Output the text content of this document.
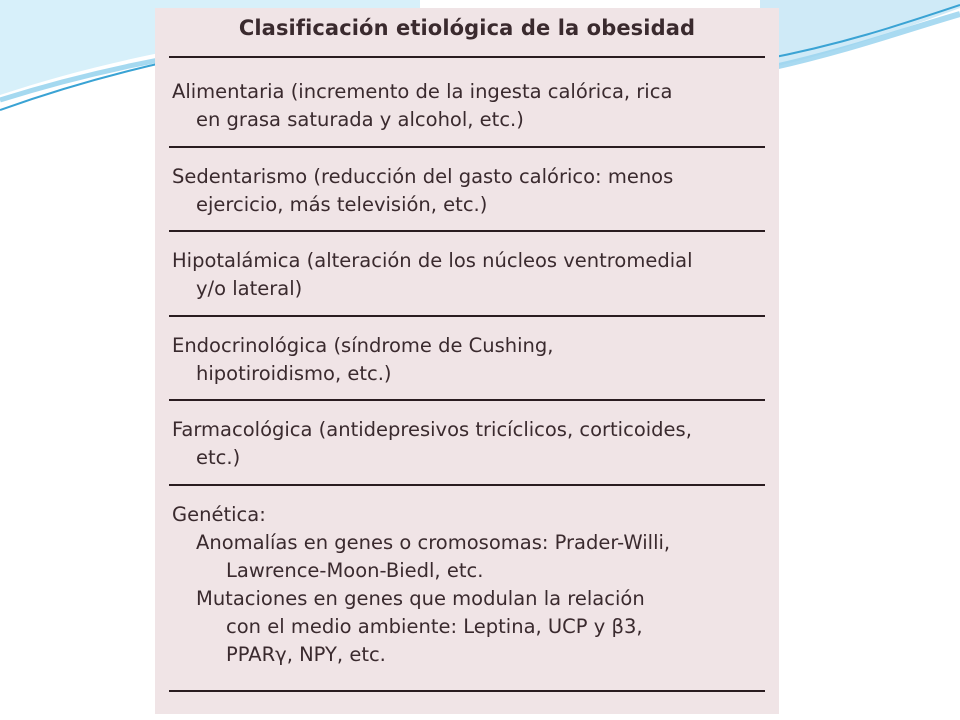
Clasificación etiológica de la obesidad
Alimentaria (incremento de la ingesta calórica, rica
en grasa saturada y alcohol, etc.)
Sedentarismo (reducción del gasto calórico: menos
ejercicio, más televisión, etc.)
Hipotalámica (alteración de los núcleos ventromedial
y/o lateral)
Endocrinológica (síndrome de Cushing,
hipotiroidismo, etc.)
Farmacológica (antidepresivos tricíclicos, corticoides,
etc.)
Genética:
Anomalías en genes o cromosomas: Prader-Willi,
Lawrence-Moon-Biedl, etc.
Mutaciones en genes que modulan la relación
con el medio ambiente: Leptina, UCP y β3,
PPARγ, NPY, etc.
